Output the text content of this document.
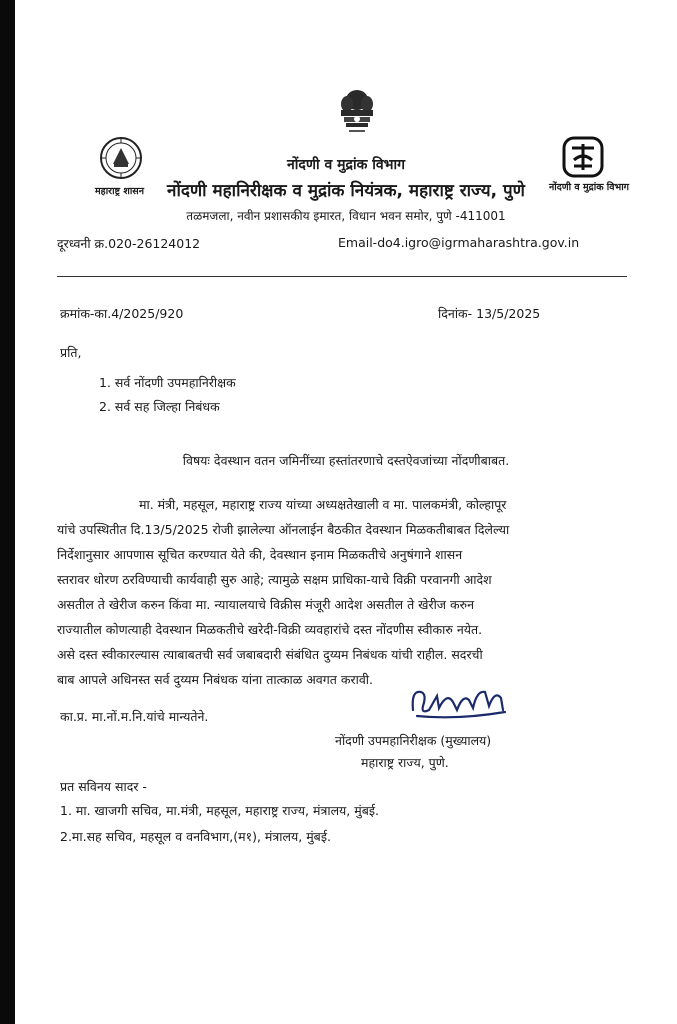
महाराष्ट्र शासन	नोंदणी व मुद्रांक विभाग
नोंदणी व मुद्रांक विभाग
नोंदणी महानिरीक्षक व मुद्रांक नियंत्रक, महाराष्ट्र राज्य, पुणे
तळमजला, नवीन प्रशासकीय इमारत, विधान भवन समोर, पुणे -411001
दूरध्वनी क्र.020-26124012	Email-do4.igro@igrmaharashtra.gov.in
क्रमांक-का.4/2025/920	दिनांक- 13/5/2025
प्रति,
1. सर्व नोंदणी उपमहानिरीक्षक
2. सर्व सह जिल्हा निबंधक
विषयः देवस्थान वतन जमिनींच्या हस्तांतरणाचे दस्तऐवजांच्या नोंदणीबाबत.
मा. मंत्री, महसूल, महाराष्ट्र राज्य यांच्या अध्यक्षतेखाली व मा. पालकमंत्री, कोल्हापूर
यांचे उपस्थितीत दि.13/5/2025 रोजी झालेल्या ऑनलाईन बैठकीत देवस्थान मिळकतीबाबत दिलेल्या
निर्देशानुसार आपणास सूचित करण्यात येते की, देवस्थान इनाम मिळकतीचे अनुषंगाने शासन
स्तरावर धोरण ठरविण्याची कार्यवाही सुरु आहे; त्यामुळे सक्षम प्राधिका-याचे विक्री परवानगी आदेश
असतील ते खेरीज करुन किंवा मा. न्यायालयाचे विक्रीस मंजूरी आदेश असतील ते खेरीज करुन
राज्यातील कोणत्याही देवस्थान मिळकतीचे खरेदी-विक्री व्यवहारांचे दस्त नोंदणीस स्वीकारु नयेत.
असे दस्त स्वीकारल्यास त्याबाबतची सर्व जबाबदारी संबंधित दुय्यम निबंधक यांची राहील. सदरची
बाब आपले अधिनस्त सर्व दुय्यम निबंधक यांना तात्काळ अवगत करावी.
का.प्र. मा.नों.म.नि.यांचे मान्यतेने.
नोंदणी उपमहानिरीक्षक (मुख्यालय)
महाराष्ट्र राज्य, पुणे.
प्रत सविनय सादर -
1. मा. खाजगी सचिव, मा.मंत्री, महसूल, महाराष्ट्र राज्य, मंत्रालय, मुंबई.
2.मा.सह सचिव, महसूल व वनविभाग,(म१), मंत्रालय, मुंबई.
